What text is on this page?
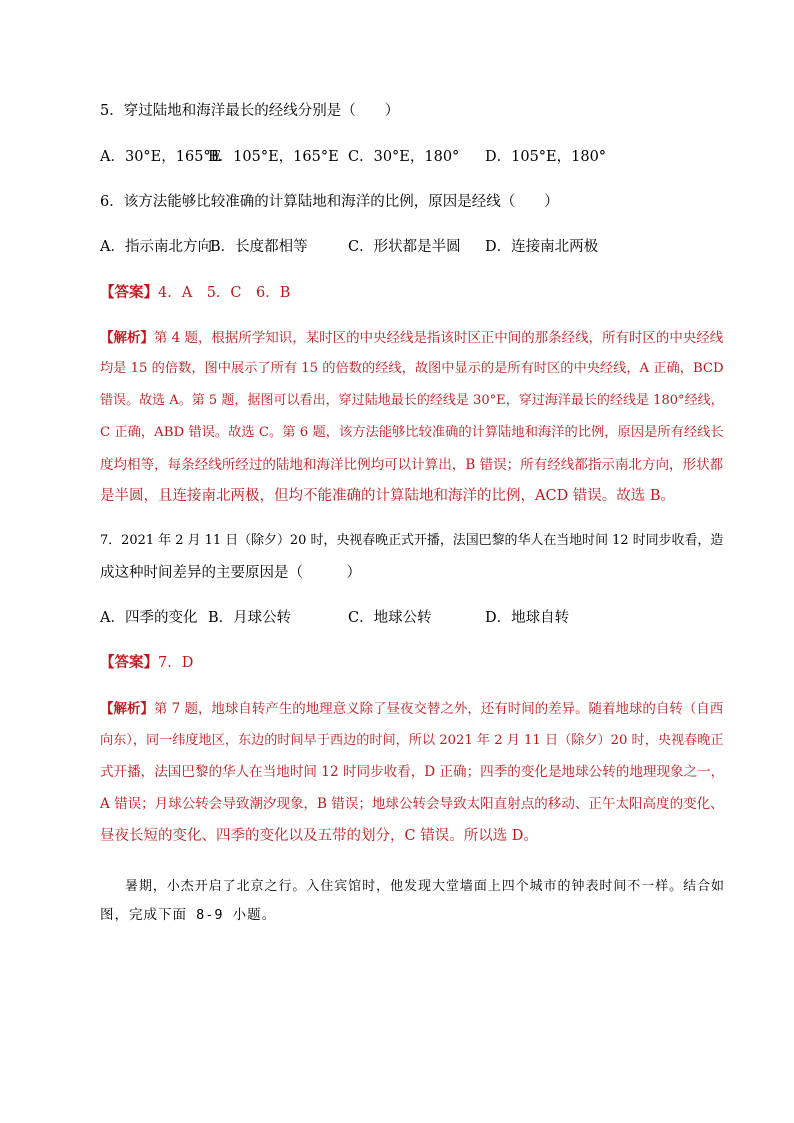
5．穿过陆地和海洋最长的经线分别是（　　）
A．30°E，165°E
B．105°E，165°E C．30°E，180° D．105°E，180°
6．该方法能够比较准确的计算陆地和海洋的比例，原因是经线（　　）
A．指示南北方向
B．长度都相等	C．形状都是半圆 D．连接南北两极
【答案】4．A　5．C　6．B
【解析】第 4 题，根据所学知识，某时区的中央经线是指该时区正中间的那条经线，所有时区的中央经线
均是 15 的倍数，图中展示了所有 15 的倍数的经线，故图中显示的是所有时区的中央经线，A 正确，BCD
错误。故选 A。第 5 题，据图可以看出，穿过陆地最长的经线是 30°E，穿过海洋最长的经线是 180°经线，
C 正确，ABD 错误。故选 C。第 6 题，该方法能够比较准确的计算陆地和海洋的比例，原因是所有经线长
度均相等，每条经线所经过的陆地和海洋比例均可以计算出，B 错误；所有经线都指示南北方向，形状都
是半圆，且连接南北两极，但均不能准确的计算陆地和海洋的比例，ACD 错误。故选 B。
7．2021 年 2 月 11 日（除夕）20 时，央视春晚正式开播，法国巴黎的华人在当地时间 12 时同步收看，造
成这种时间差异的主要原因是（　　　）
A．四季的变化 B．月球公转	C．地球公转	D．地球自转
【答案】7．D
【解析】第 7 题，地球自转产生的地理意义除了昼夜交替之外，还有时间的差异。随着地球的自转（自西
向东），同一纬度地区，东边的时间早于西边的时间，所以 2021 年 2 月 11 日（除夕）20 时，央视春晚正
式开播，法国巴黎的华人在当地时间 12 时同步收看，D 正确；四季的变化是地球公转的地理现象之一，
A 错误；月球公转会导致潮汐现象，B 错误；地球公转会导致太阳直射点的移动、正午太阳高度的变化、
昼夜长短的变化、四季的变化以及五带的划分，C 错误。所以选 D。
暑期，小杰开启了北京之行。入住宾馆时，他发现大堂墙面上四个城市的钟表时间不一样。结合如
图，完成下面 8-9 小题。
